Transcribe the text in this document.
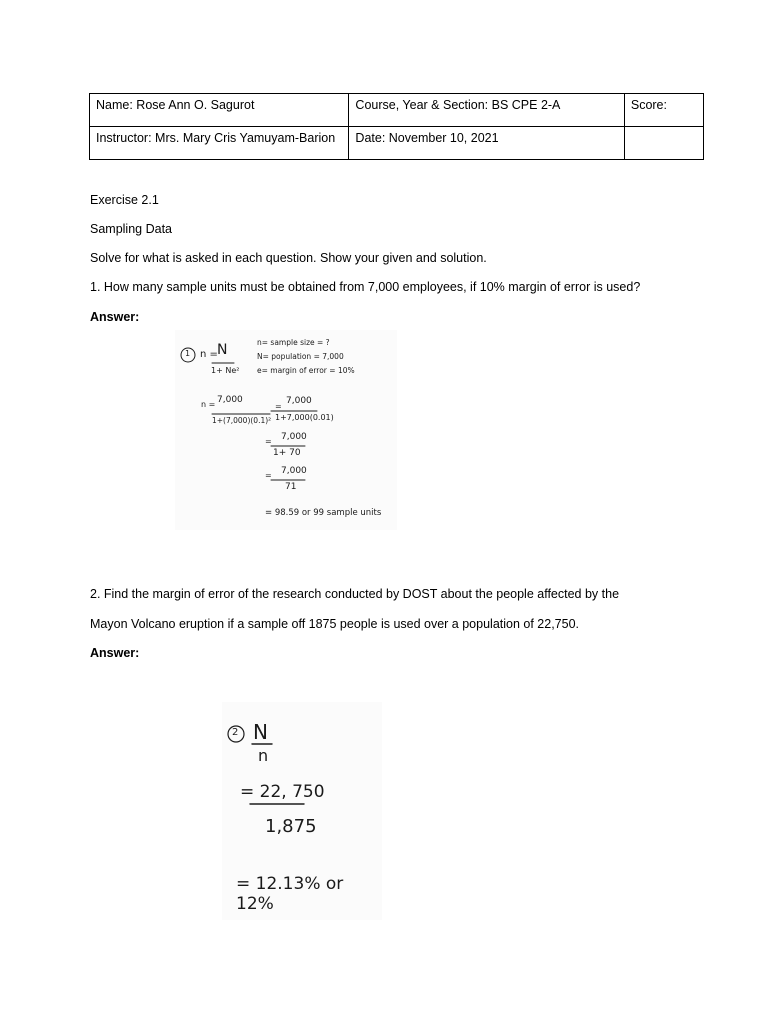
Name: Rose Ann O. Sagurot	Course, Year & Section: BS CPE 2-A	Score:
Instructor: Mrs. Mary Cris Yamuyam-Barion	Date: November 10, 2021	
Exercise 2.1
Sampling Data
Solve for what is asked in each question. Show your given and solution.
1. How many sample units must be obtained from 7,000 employees, if 10% margin of error is used?
Answer:
1 n = N
1+ Ne²
n= sample size = ?
N= population = 7,000
e= margin of error = 10%
n = 7,000
1+(7,000)(0.1)²
=
7,000
1+7,000(0.01)
= 7,000
1+ 70
= 7,000
71
= 98.59 or 99 sample units
2. Find the margin of error of the research conducted by DOST about the people affected by the
Mayon Volcano eruption if a sample off 1875 people is used over a population of 22,750.
Answer:
2 N
n
= 22, 750
1,875
= 12.13% or 12%
